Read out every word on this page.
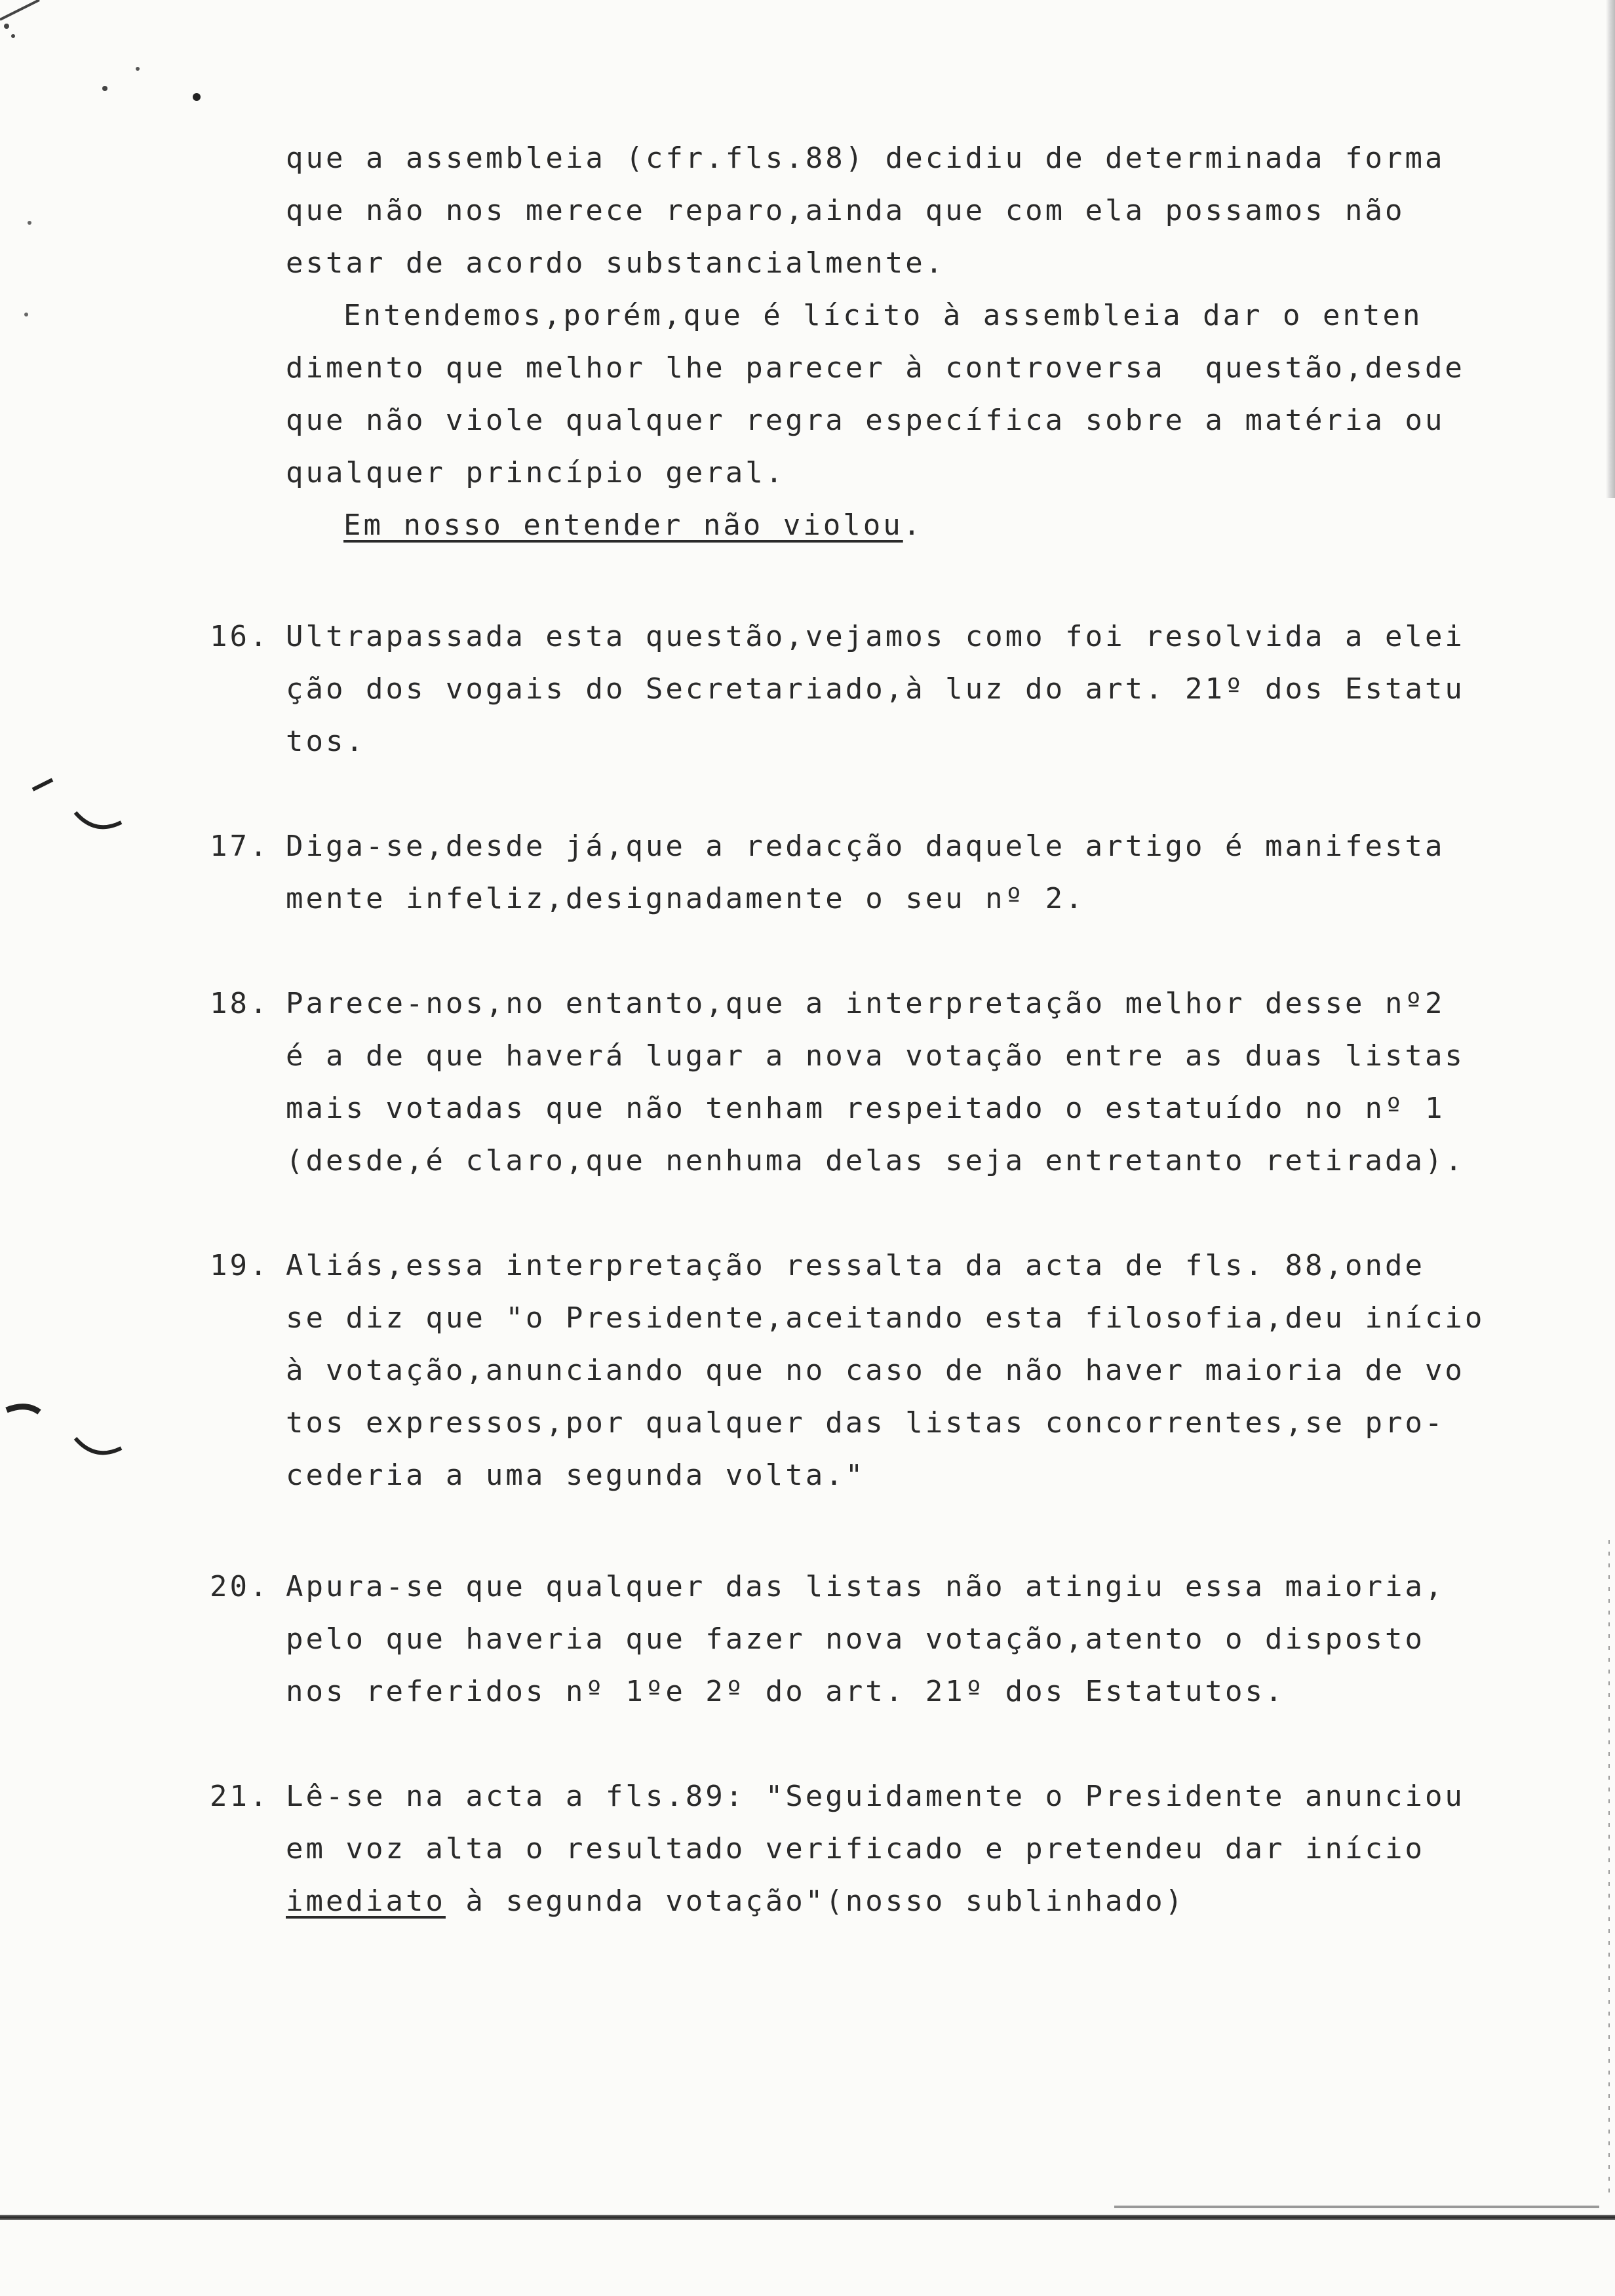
que a assembleia (cfr.fls.88) decidiu de determinada forma

que não nos merece reparo,ainda que com ela possamos não

estar de acordo substancialmente.

Entendemos,porém,que é lícito à assembleia dar o enten

dimento que melhor lhe parecer à controversa  questão,desde

que não viole qualquer regra específica sobre a matéria ou

qualquer princípio geral.

Em nosso entender não violou.

16. Ultrapassada esta questão,vejamos como foi resolvida a elei

ção dos vogais do Secretariado,à luz do art. 21º dos Estatu

tos.

17. Diga-se,desde já,que a redacção daquele artigo é manifesta

mente infeliz,designadamente o seu nº 2.

18. Parece-nos,no entanto,que a interpretação melhor desse nº2

é a de que haverá lugar a nova votação entre as duas listas

mais votadas que não tenham respeitado o estatuído no nº 1

(desde,é claro,que nenhuma delas seja entretanto retirada).

19. Aliás,essa interpretação ressalta da acta de fls. 88,onde

se diz que "o Presidente,aceitando esta filosofia,deu início

à votação,anunciando que no caso de não haver maioria de vo

tos expressos,por qualquer das listas concorrentes,se pro-

cederia a uma segunda volta."

20. Apura-se que qualquer das listas não atingiu essa maioria,

pelo que haveria que fazer nova votação,atento o disposto

nos referidos nº 1ºe 2º do art. 21º dos Estatutos.

21. Lê-se na acta a fls.89: "Seguidamente o Presidente anunciou

em voz alta o resultado verificado e pretendeu dar início

imediato à segunda votação"(nosso sublinhado)
